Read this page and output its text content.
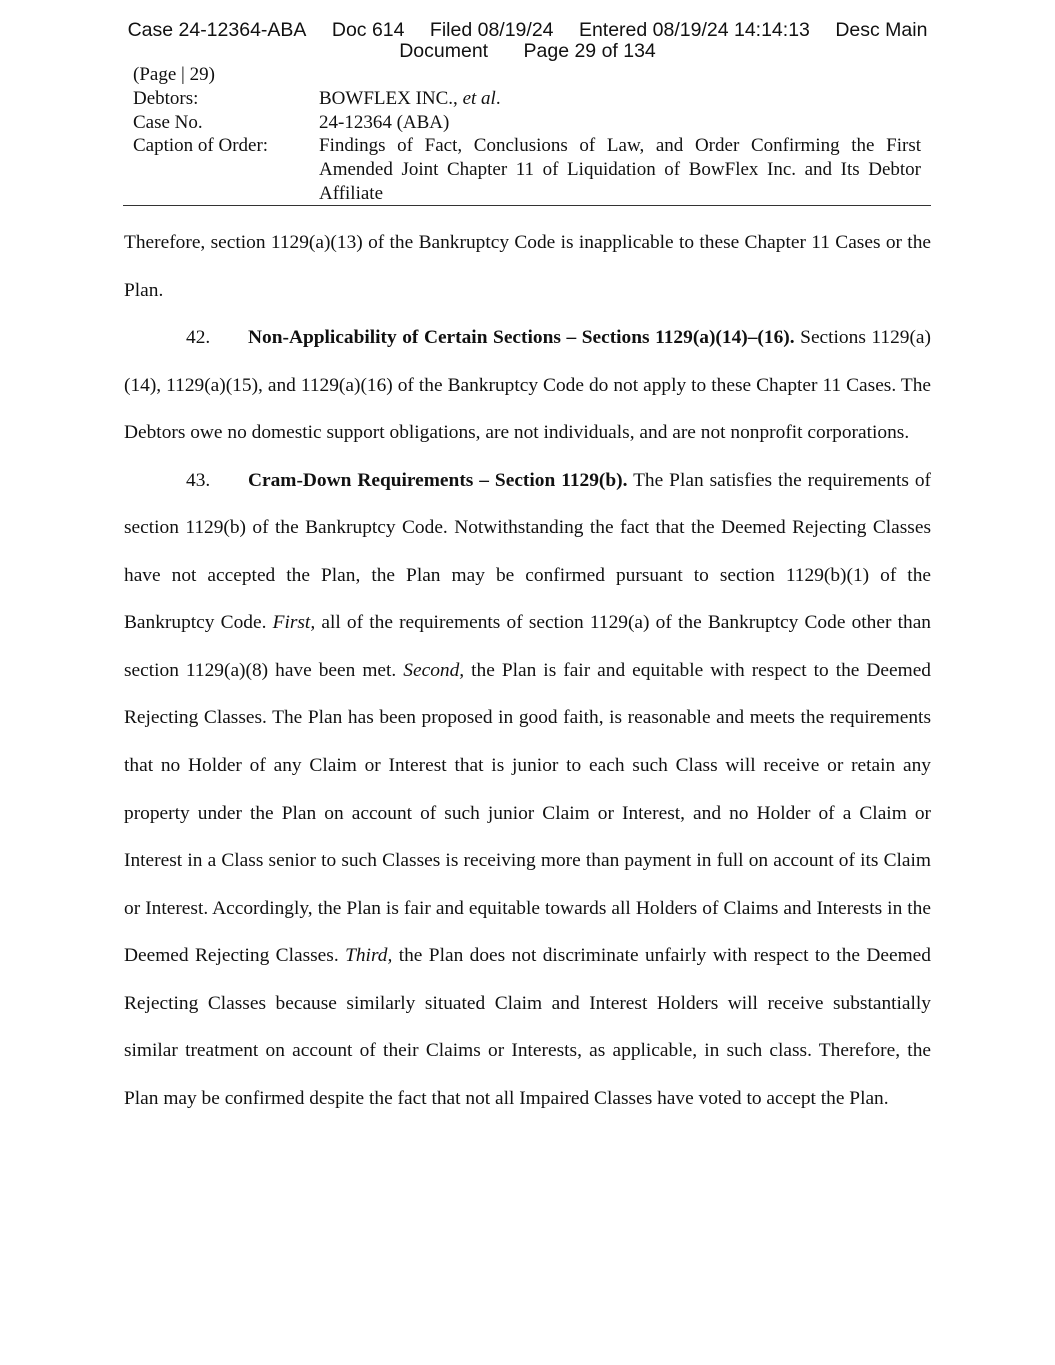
Case 24-12364-ABA Doc 614 Filed 08/19/24 Entered 08/19/24 14:14:13 Desc Main
Document Page 29 of 134
(Page | 29)
Debtors:	BOWFLEX INC., et al.
Case No.	24-12364 (ABA)
Caption of Order:	Findings of Fact, Conclusions of Law, and Order Confirming the First Amended Joint Chapter 11 of Liquidation of BowFlex Inc. and Its Debtor Affiliate

Therefore, section 1129(a)(13) of the Bankruptcy Code is inapplicable to these Chapter 11 Cases or the Plan.

42. Non-Applicability of Certain Sections – Sections 1129(a)(14)–(16). Sections 1129(a)(14), 1129(a)(15), and 1129(a)(16) of the Bankruptcy Code do not apply to these Chapter 11 Cases. The Debtors owe no domestic support obligations, are not individuals, and are not nonprofit corporations.

43. Cram-Down Requirements – Section 1129(b). The Plan satisfies the requirements of section 1129(b) of the Bankruptcy Code. Notwithstanding the fact that the Deemed Rejecting Classes have not accepted the Plan, the Plan may be confirmed pursuant to section 1129(b)(1) of the Bankruptcy Code. First, all of the requirements of section 1129(a) of the Bankruptcy Code other than section 1129(a)(8) have been met. Second, the Plan is fair and equitable with respect to the Deemed Rejecting Classes. The Plan has been proposed in good faith, is reasonable and meets the requirements that no Holder of any Claim or Interest that is junior to each such Class will receive or retain any property under the Plan on account of such junior Claim or Interest, and no Holder of a Claim or Interest in a Class senior to such Classes is receiving more than payment in full on account of its Claim or Interest. Accordingly, the Plan is fair and equitable towards all Holders of Claims and Interests in the Deemed Rejecting Classes. Third, the Plan does not discriminate unfairly with respect to the Deemed Rejecting Classes because similarly situated Claim and Interest Holders will receive substantially similar treatment on account of their Claims or Interests, as applicable, in such class. Therefore, the Plan may be confirmed despite the fact that not all Impaired Classes have voted to accept the Plan.
